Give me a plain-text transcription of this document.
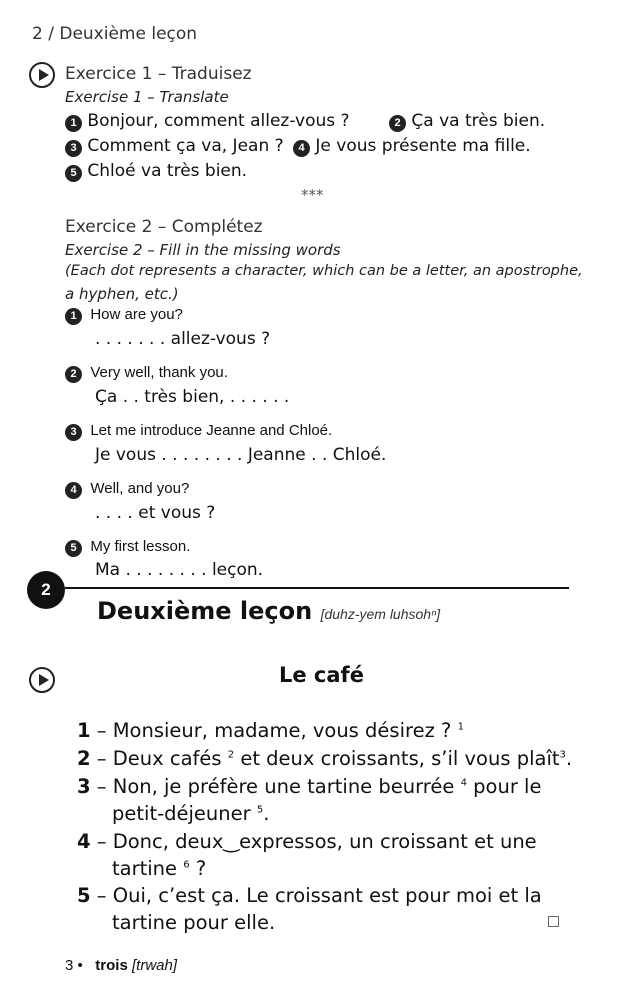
2 / Deuxième leçon
Exercice 1 – Traduisez
Exercise 1 – Translate
1 Bonjour, comment allez-vous ?	2 Ça va très bien.
3 Comment ça va, Jean ?	4 Je vous présente ma fille.
5 Chloé va très bien.
***
Exercice 2 – Complétez
Exercise 2 – Fill in the missing words
(Each dot represents a character, which can be a letter, an apostrophe,
a hyphen, etc.)
1 How are you?
. . . . . . . allez-vous ?
2 Very well, thank you.
Ça . . très bien, . . . . . .
3 Let me introduce Jeanne and Chloé.
Je vous . . . . . . . . Jeanne . . Chloé.
4 Well, and you?
. . . . et vous ?
5 My first lesson.
Ma . . . . . . . . leçon.
2
Deuxième leçon [duhz-yem luhsohⁿ]
Le café
1 – Monsieur, madame, vous désirez ? $^1$
2 – Deux cafés $^2$ et deux croissants, s’il vous plaît$^3$.
3 – Non, je préfère une tartine beurrée $^4$ pour le
petit-déjeuner $^5$.
4 – Donc, deux‿expressos, un croissant et une
tartine $^6$ ?
5 – Oui, c’est ça. Le croissant est pour moi et la
tartine pour elle.
3 • trois [trwah]
